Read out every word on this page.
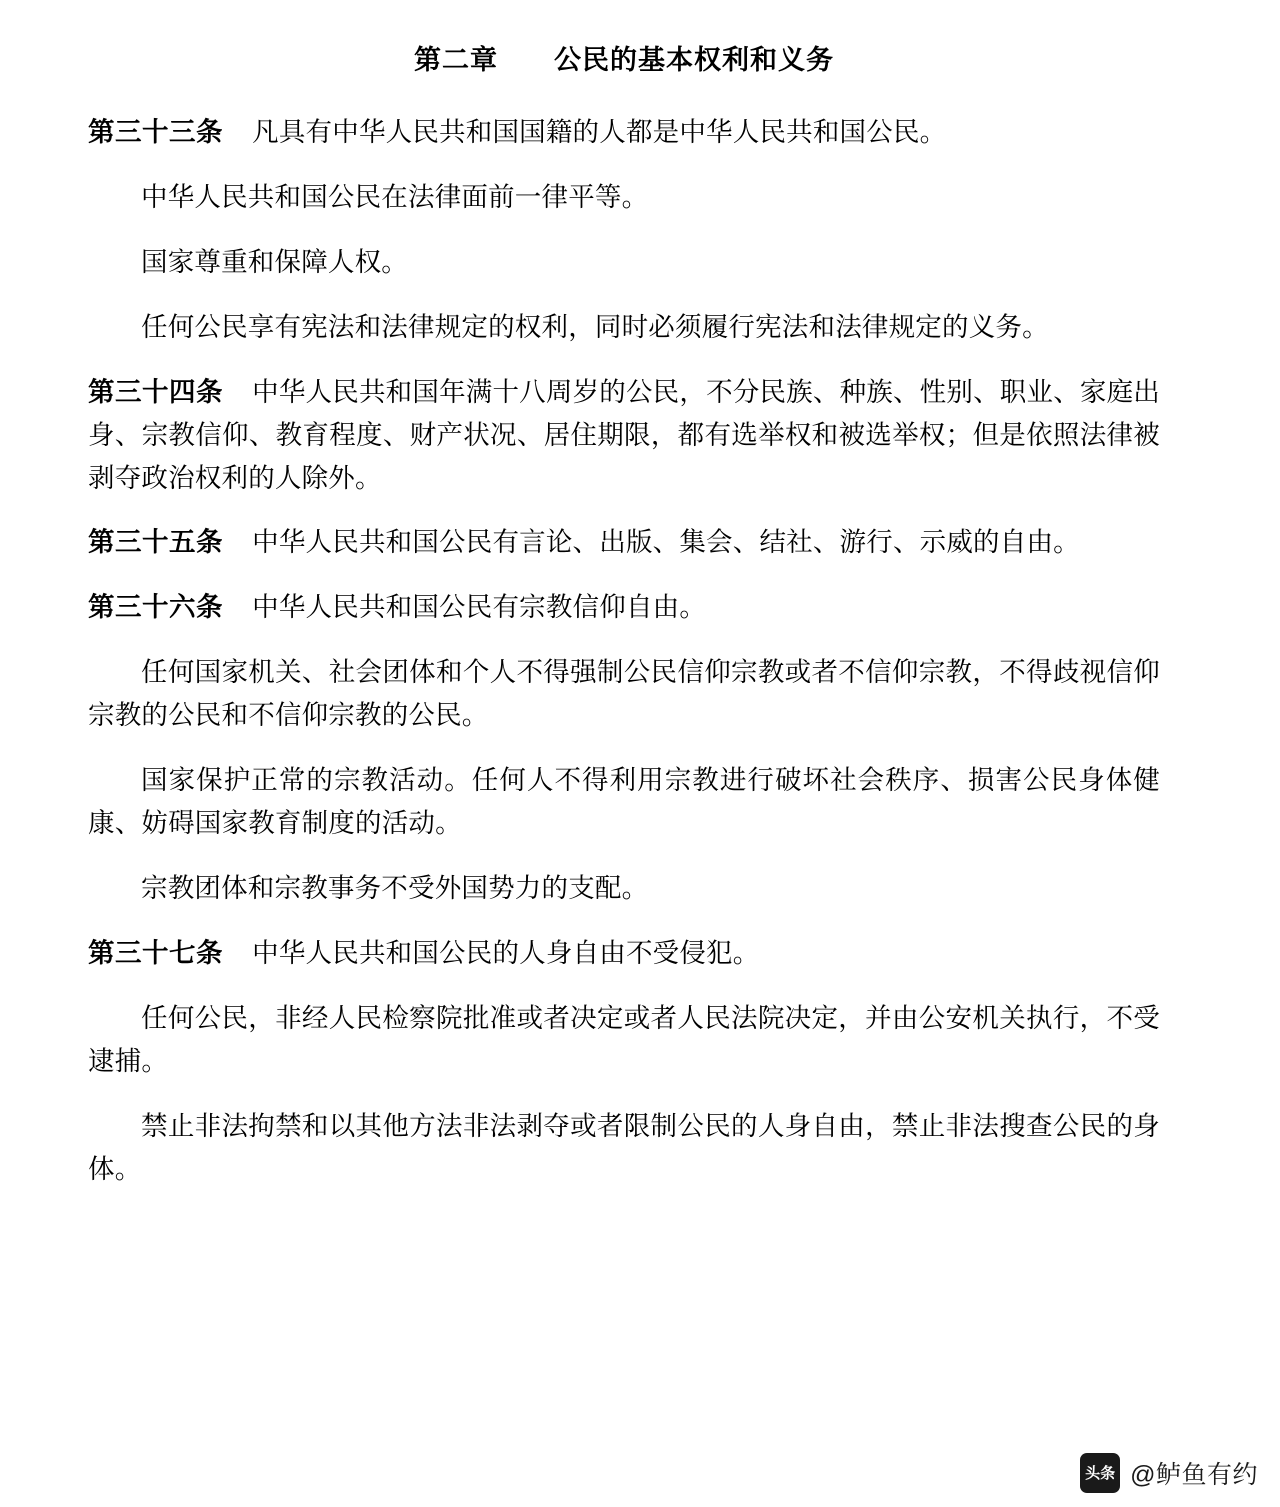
第二章　　公民的基本权利和义务
第三十三条 凡具有中华人民共和国国籍的人都是中华人民共和国公民。
中华人民共和国公民在法律面前一律平等。
国家尊重和保障人权。
任何公民享有宪法和法律规定的权利，同时必须履行宪法和法律规定的义务。
第三十四条 中华人民共和国年满十八周岁的公民，不分民族、种族、性别、职业、家庭出身、宗教信仰、教育程度、财产状况、居住期限，都有选举权和被选举权；但是依照法律被剥夺政治权利的人除外。
第三十五条 中华人民共和国公民有言论、出版、集会、结社、游行、示威的自由。
第三十六条 中华人民共和国公民有宗教信仰自由。
任何国家机关、社会团体和个人不得强制公民信仰宗教或者不信仰宗教，不得歧视信仰宗教的公民和不信仰宗教的公民。
国家保护正常的宗教活动。任何人不得利用宗教进行破坏社会秩序、损害公民身体健康、妨碍国家教育制度的活动。
宗教团体和宗教事务不受外国势力的支配。
第三十七条 中华人民共和国公民的人身自由不受侵犯。
任何公民，非经人民检察院批准或者决定或者人民法院决定，并由公安机关执行，不受逮捕。
禁止非法拘禁和以其他方法非法剥夺或者限制公民的人身自由，禁止非法搜查公民的身体。
头条 @鲈鱼有约
